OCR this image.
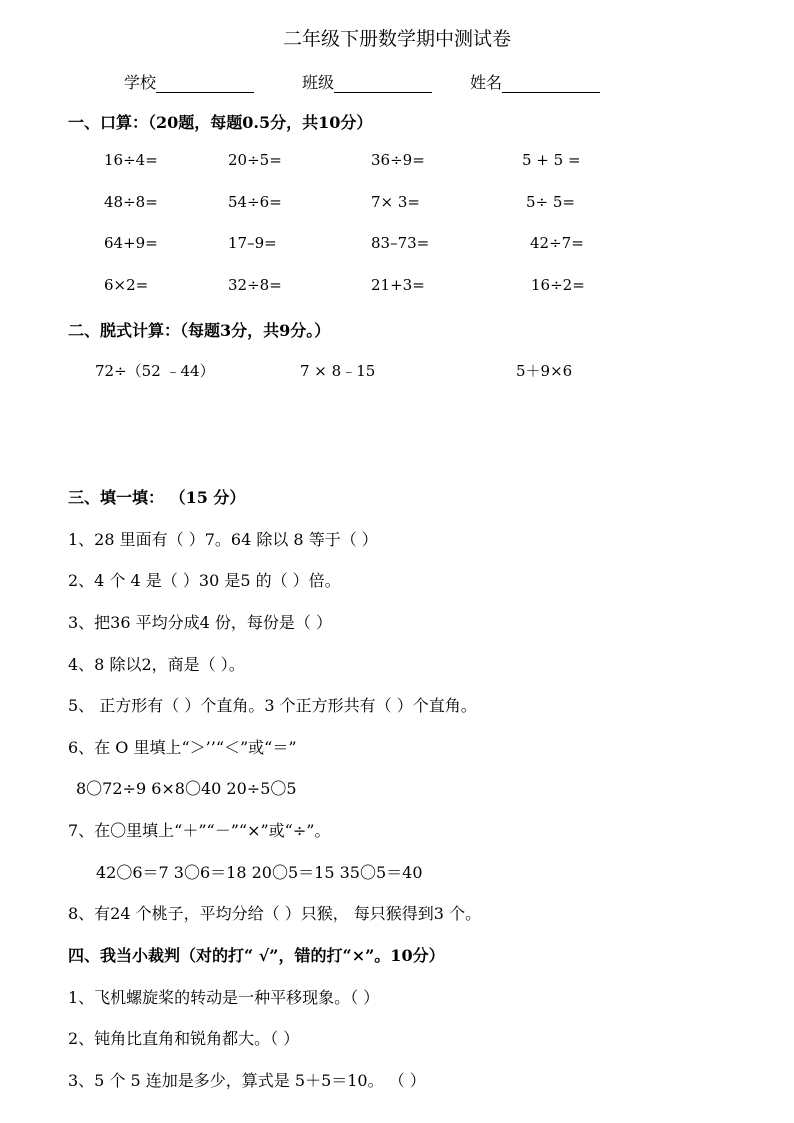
二年级下册数学期中测试卷
学校	班级	姓名
一、口算：（20题，每题0.5分，共10分）
16÷4=	20÷5=	36÷9=	5 + 5 =
48÷8=	54÷6=	7× 3=	5÷ 5=
64+9=	17–9=	83–73=	42÷7=
6×2=	32÷8=	21+3=	16÷2=
二、脱式计算：（每题3分，共9分。）
72÷（52 ﹣44）	7 × 8﹣15	5＋9×6
三、填一填： （15 分）
1、28 里面有（ ）7。64 除以 8 等于（ ）
2、4 个 4 是（ ）30 是5 的（ ）倍。
3、把36 平均分成4 份，每份是（ ）
4、8 除以2，商是（ ）。
5、 正方形有（ ）个直角。3 个正方形共有（ ）个直角。
6、在 O 里填上“＞’’“＜”或“＝”
8〇72÷9 6×8〇40 20÷5〇5
7、在〇里填上“＋”“－”“×”或“÷”。
42〇6＝7 3〇6＝18 20〇5＝15 35〇5＝40
8、有24 个桃子，平均分给（ ）只猴， 每只猴得到3 个。
四、我当小裁判（对的打“ √”，错的打“×”。10分）
1、飞机螺旋桨的转动是一种平移现象。（ ）
2、钝角比直角和锐角都大。（ ）
3、5 个 5 连加是多少，算式是 5＋5＝10。 （ ）
